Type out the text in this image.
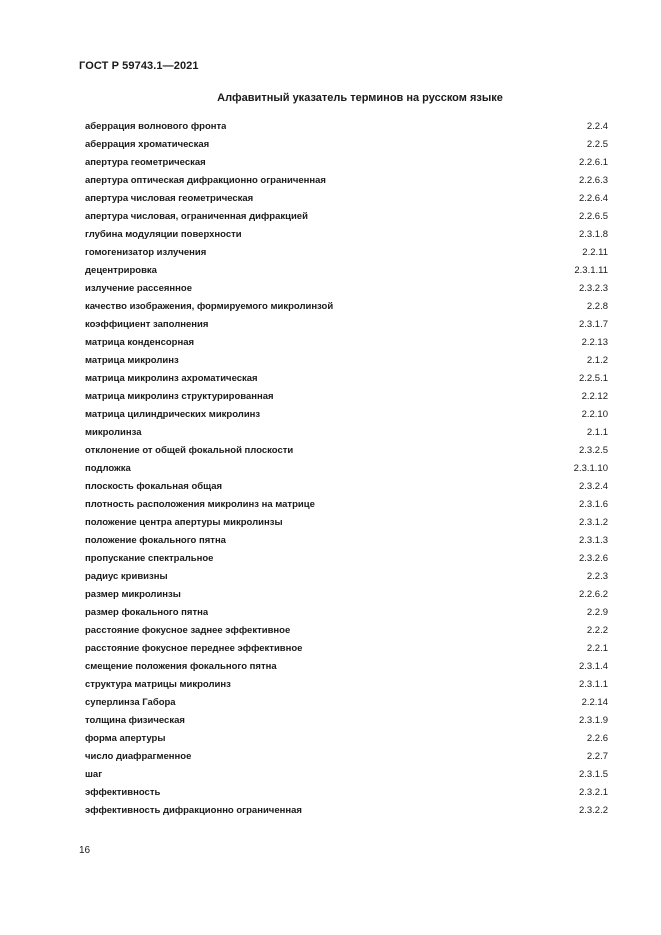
ГОСТ Р 59743.1—2021
Алфавитный указатель терминов на русском языке
аберрация волнового фронта	2.2.4
аберрация хроматическая	2.2.5
апертура геометрическая	2.2.6.1
апертура оптическая дифракционно ограниченная	2.2.6.3
апертура числовая геометрическая	2.2.6.4
апертура числовая, ограниченная дифракцией	2.2.6.5
глубина модуляции поверхности	2.3.1.8
гомогенизатор излучения	2.2.11
децентрировка	2.3.1.11
излучение рассеянное	2.3.2.3
качество изображения, формируемого микролинзой	2.2.8
коэффициент заполнения	2.3.1.7
матрица конденсорная	2.2.13
матрица микролинз	2.1.2
матрица микролинз ахроматическая	2.2.5.1
матрица микролинз структурированная	2.2.12
матрица цилиндрических микролинз	2.2.10
микролинза	2.1.1
отклонение от общей фокальной плоскости	2.3.2.5
подложка	2.3.1.10
плоскость фокальная общая	2.3.2.4
плотность расположения микролинз на матрице	2.3.1.6
положение центра апертуры микролинзы	2.3.1.2
положение фокального пятна	2.3.1.3
пропускание спектральное	2.3.2.6
радиус кривизны	2.2.3
размер микролинзы	2.2.6.2
размер фокального пятна	2.2.9
расстояние фокусное заднее эффективное	2.2.2
расстояние фокусное переднее эффективное	2.2.1
смещение положения фокального пятна	2.3.1.4
структура матрицы микролинз	2.3.1.1
суперлинза Габора	2.2.14
толщина физическая	2.3.1.9
форма апертуры	2.2.6
число диафрагменное	2.2.7
шаг	2.3.1.5
эффективность	2.3.2.1
эффективность дифракционно ограниченная	2.3.2.2
16
